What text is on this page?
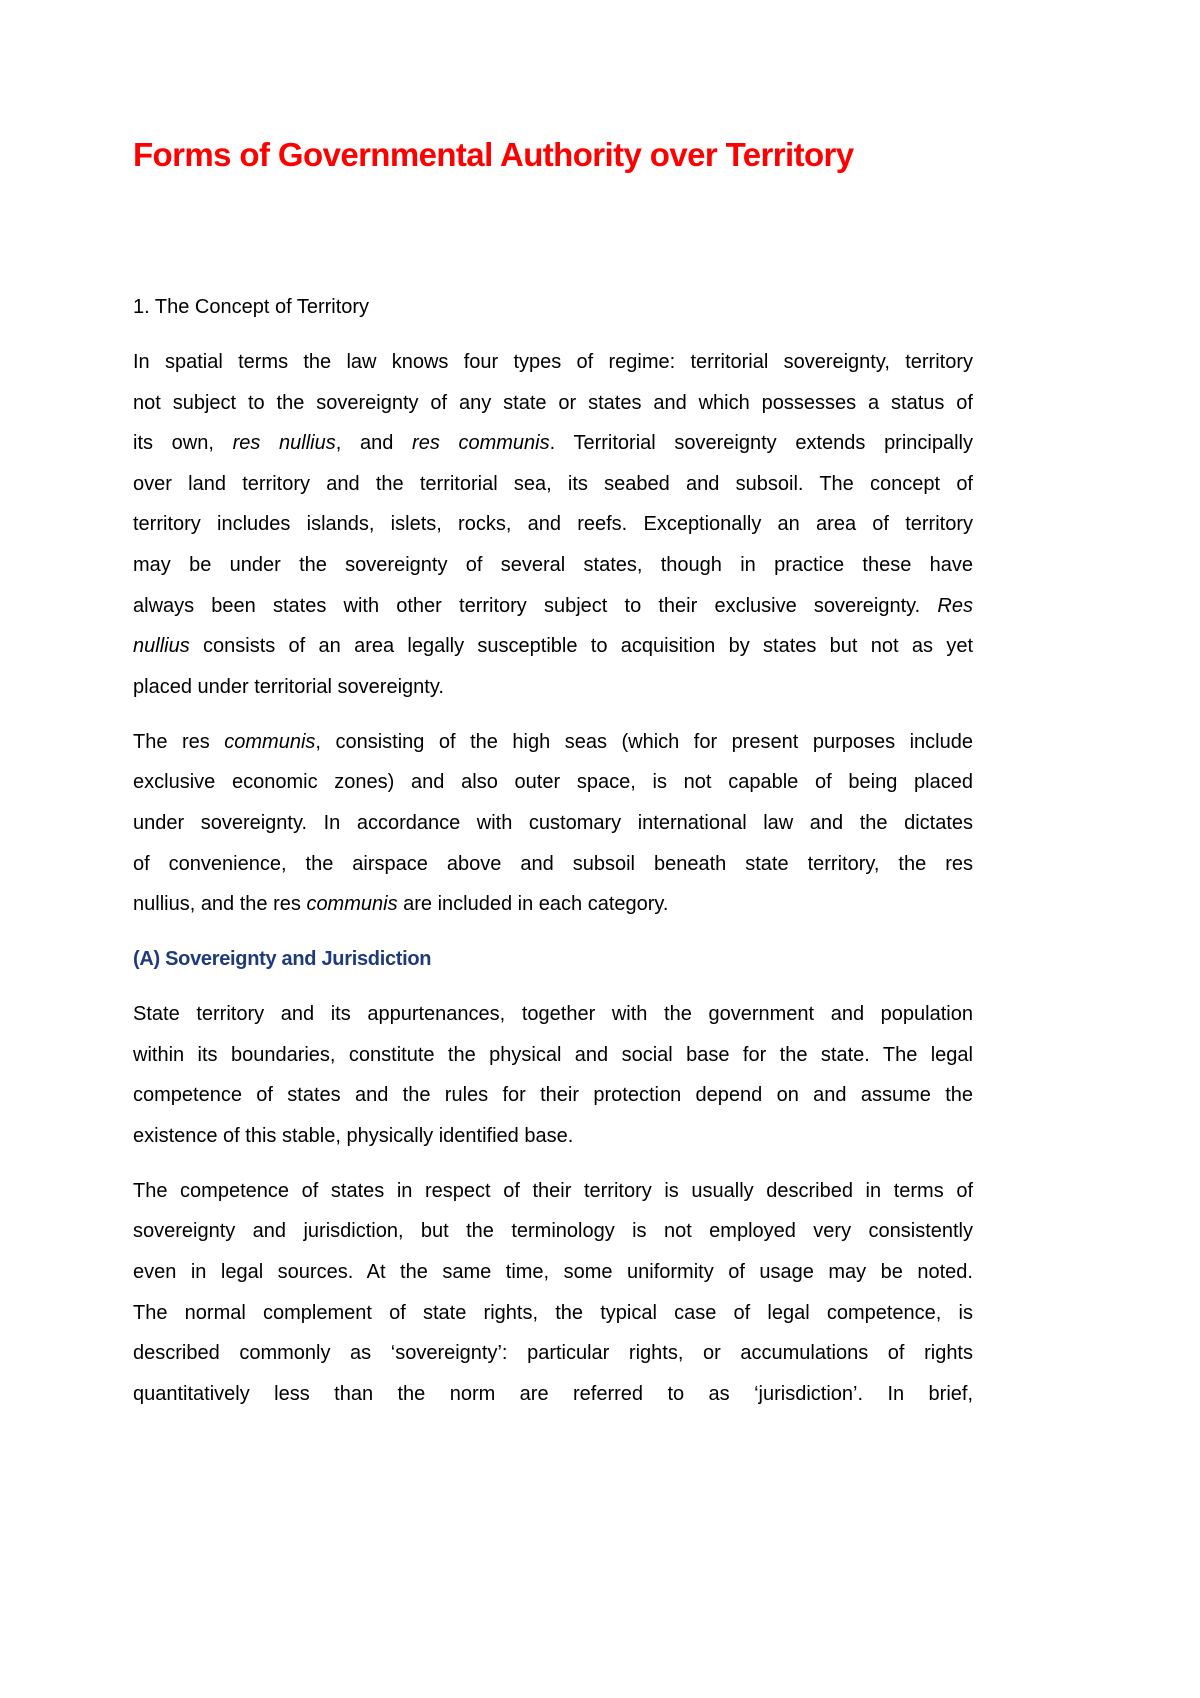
Forms of Governmental Authority over Territory
1. The Concept of Territory
In spatial terms the law knows four types of regime: territorial sovereignty, territory
not subject to the sovereignty of any state or states and which possesses a status of
its own, res nullius, and res communis. Territorial sovereignty extends principally
over land territory and the territorial sea, its seabed and subsoil. The concept of
territory includes islands, islets, rocks, and reefs. Exceptionally an area of territory
may be under the sovereignty of several states, though in practice these have
always been states with other territory subject to their exclusive sovereignty. Res
nullius consists of an area legally susceptible to acquisition by states but not as yet
placed under territorial sovereignty.
The res communis, consisting of the high seas (which for present purposes include
exclusive economic zones) and also outer space, is not capable of being placed
under sovereignty. In accordance with customary international law and the dictates
of convenience, the airspace above and subsoil beneath state territory, the res
nullius, and the res communis are included in each category.
(A) Sovereignty and Jurisdiction
State territory and its appurtenances, together with the government and population
within its boundaries, constitute the physical and social base for the state. The legal
competence of states and the rules for their protection depend on and assume the
existence of this stable, physically identified base.
The competence of states in respect of their territory is usually described in terms of
sovereignty and jurisdiction, but the terminology is not employed very consistently
even in legal sources. At the same time, some uniformity of usage may be noted.
The normal complement of state rights, the typical case of legal competence, is
described commonly as ‘sovereignty’: particular rights, or accumulations of rights
quantitatively less than the norm are referred to as ‘jurisdiction’. In brief,
